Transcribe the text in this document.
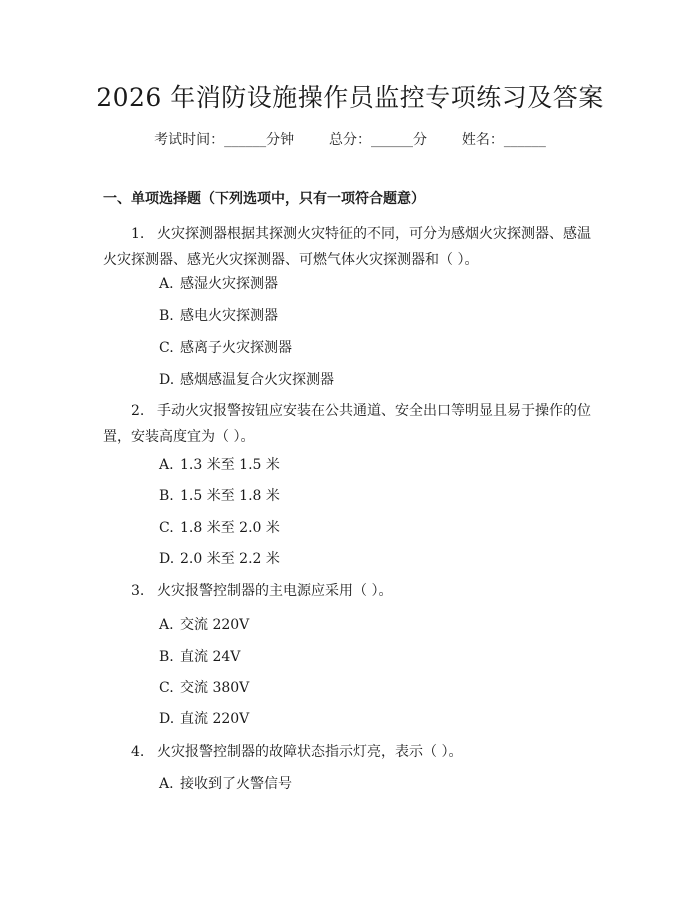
2026 年消防设施操作员监控专项练习及答案
考试时间：______分钟 总分：______分 姓名：______
一、单项选择题（下列选项中，只有一项符合题意）
1. 火灾探测器根据其探测火灾特征的不同，可分为感烟火灾探测器、感温火灾探测器、感光火灾探测器、可燃气体火灾探测器和（ ）。
A. 感湿火灾探测器
B. 感电火灾探测器
C. 感离子火灾探测器
D. 感烟感温复合火灾探测器
2. 手动火灾报警按钮应安装在公共通道、安全出口等明显且易于操作的位置，安装高度宜为（ ）。
A. 1.3 米至 1.5 米
B. 1.5 米至 1.8 米
C. 1.8 米至 2.0 米
D. 2.0 米至 2.2 米
3. 火灾报警控制器的主电源应采用（ ）。
A. 交流 220V
B. 直流 24V
C. 交流 380V
D. 直流 220V
4. 火灾报警控制器的故障状态指示灯亮，表示（ ）。
A. 接收到了火警信号
